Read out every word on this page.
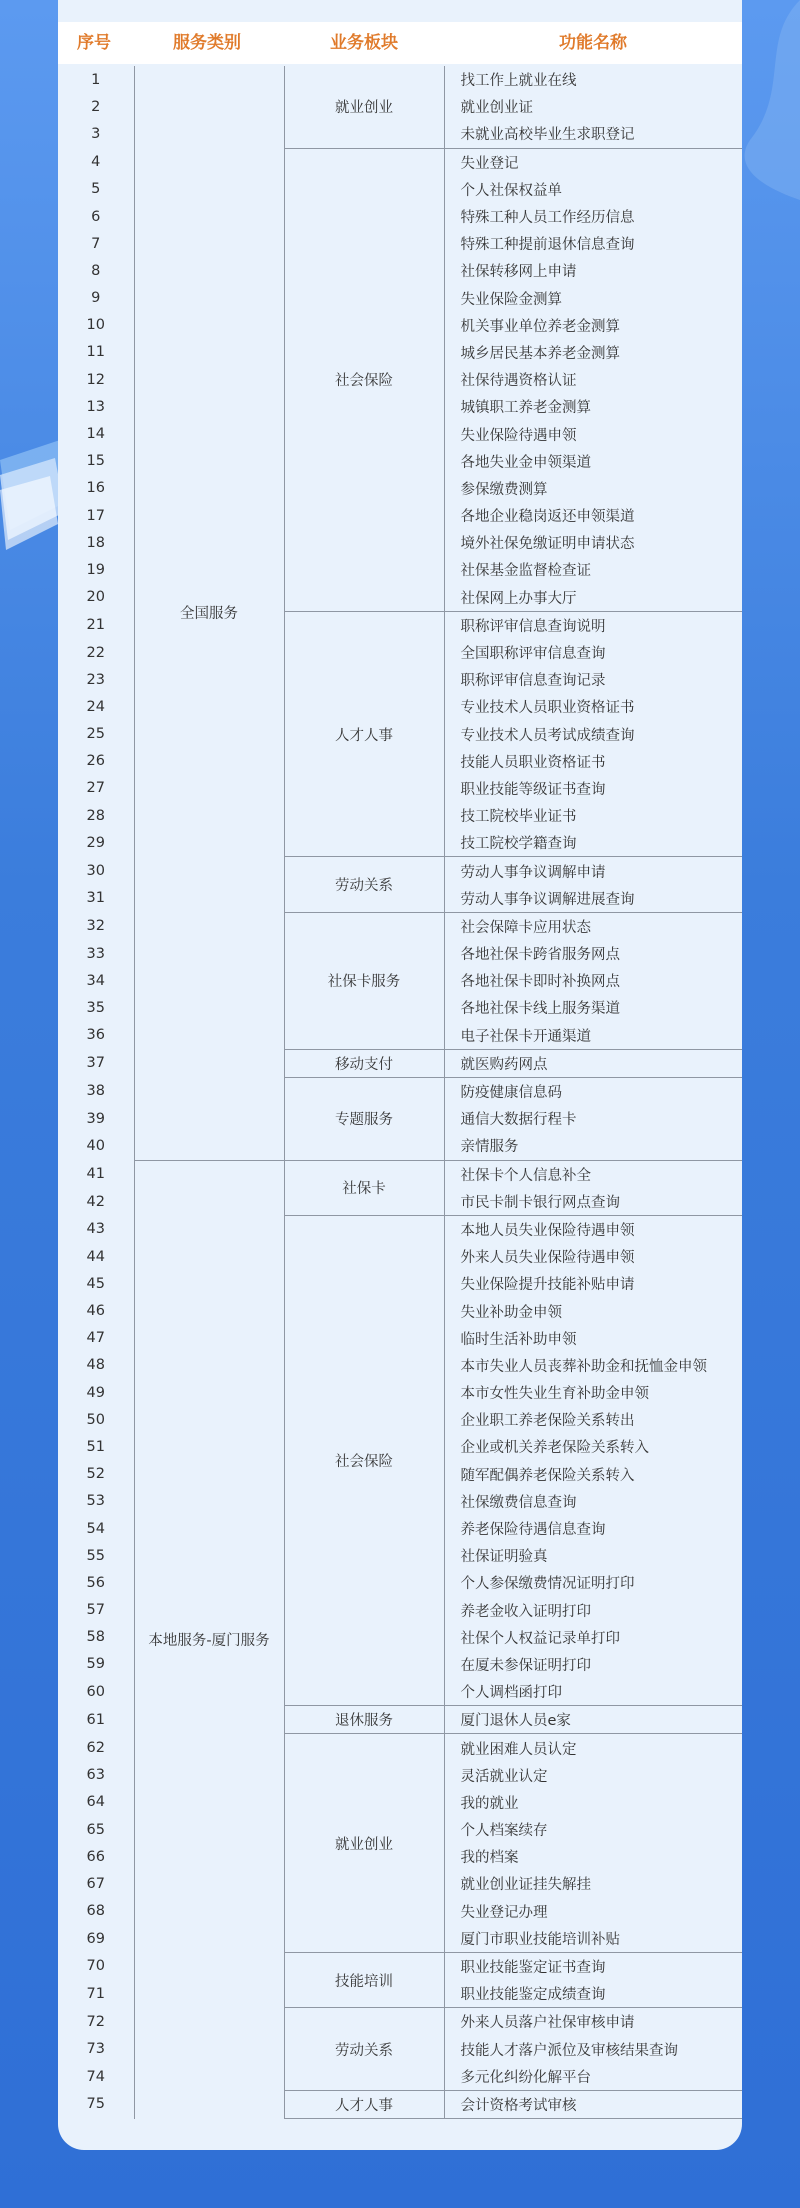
序号	服务类别	业务板块	功能名称
1	全国服务	就业创业	找工作上就业在线
2			就业创业证
3			未就业高校毕业生求职登记
4		社会保险	失业登记
5			个人社保权益单
6			特殊工种人员工作经历信息
7			特殊工种提前退休信息查询
8			社保转移网上申请
9			失业保险金测算
10			机关事业单位养老金测算
11			城乡居民基本养老金测算
12			社保待遇资格认证
13			城镇职工养老金测算
14			失业保险待遇申领
15			各地失业金申领渠道
16			参保缴费测算
17			各地企业稳岗返还申领渠道
18			境外社保免缴证明申请状态
19			社保基金监督检查证
20			社保网上办事大厅
21		人才人事	职称评审信息查询说明
22			全国职称评审信息查询
23			职称评审信息查询记录
24			专业技术人员职业资格证书
25			专业技术人员考试成绩查询
26			技能人员职业资格证书
27			职业技能等级证书查询
28			技工院校毕业证书
29			技工院校学籍查询
30		劳动关系	劳动人事争议调解申请
31			劳动人事争议调解进展查询
32		社保卡服务	社会保障卡应用状态
33			各地社保卡跨省服务网点
34			各地社保卡即时补换网点
35			各地社保卡线上服务渠道
36			电子社保卡开通渠道
37		移动支付	就医购药网点
38		专题服务	防疫健康信息码
39			通信大数据行程卡
40			亲情服务
41	本地服务-厦门服务	社保卡	社保卡个人信息补全
42			市民卡制卡银行网点查询
43		社会保险	本地人员失业保险待遇申领
44			外来人员失业保险待遇申领
45			失业保险提升技能补贴申请
46			失业补助金申领
47			临时生活补助申领
48			本市失业人员丧葬补助金和抚恤金申领
49			本市女性失业生育补助金申领
50			企业职工养老保险关系转出
51			企业或机关养老保险关系转入
52			随军配偶养老保险关系转入
53			社保缴费信息查询
54			养老保险待遇信息查询
55			社保证明验真
56			个人参保缴费情况证明打印
57			养老金收入证明打印
58			社保个人权益记录单打印
59			在厦未参保证明打印
60			个人调档函打印
61		退休服务	厦门退休人员e家
62		就业创业	就业困难人员认定
63			灵活就业认定
64			我的就业
65			个人档案续存
66			我的档案
67			就业创业证挂失解挂
68			失业登记办理
69			厦门市职业技能培训补贴
70		技能培训	职业技能鉴定证书查询
71			职业技能鉴定成绩查询
72		劳动关系	外来人员落户社保审核申请
73			技能人才落户派位及审核结果查询
74			多元化纠纷化解平台
75		人才人事	会计资格考试审核
